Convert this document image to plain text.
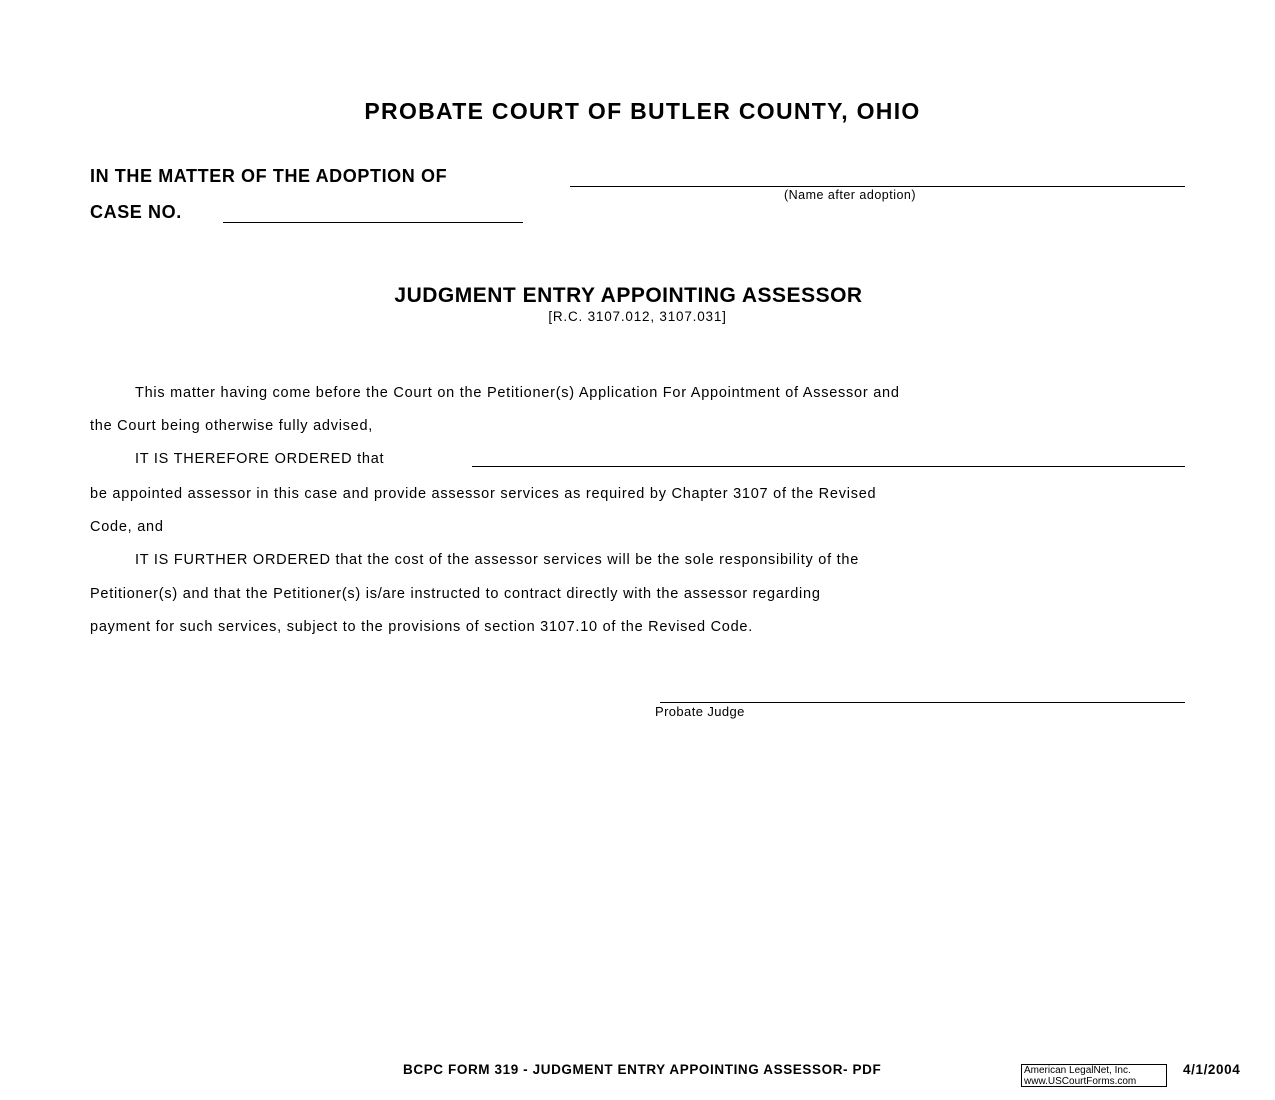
PROBATE COURT OF BUTLER COUNTY, OHIO
IN THE MATTER OF THE ADOPTION OF
(Name after adoption)
CASE NO.
JUDGMENT ENTRY APPOINTING ASSESSOR
[R.C. 3107.012, 3107.031]
This matter having come before the Court on the Petitioner(s) Application For Appointment of Assessor and
the Court being otherwise fully advised,
IT IS THEREFORE ORDERED that
be appointed assessor in this case and provide assessor services as required by Chapter 3107 of the Revised
Code, and
IT IS FURTHER ORDERED that the cost of the assessor services will be the sole responsibility of the
Petitioner(s) and that the Petitioner(s) is/are instructed to contract directly with the assessor regarding
payment for such services, subject to the provisions of section 3107.10 of the Revised Code.
Probate Judge
BCPC FORM 319 - JUDGMENT ENTRY APPOINTING ASSESSOR- PDF	American LegalNet, Inc.
www.USCourtForms.com
4/1/2004
